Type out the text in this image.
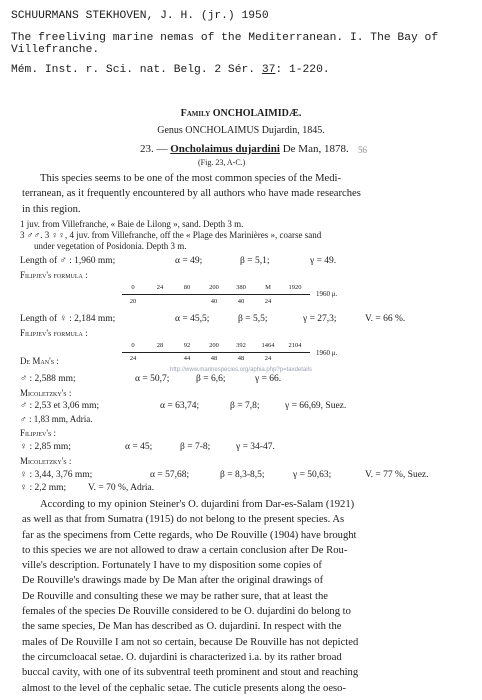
SCHUURMANS STEKHOVEN, J. H. (jr.) 1950
The freeliving marine nemas of the Mediterranean. I. The Bay of
Villefranche.
Mém. Inst. r. Sci. nat. Belg. 2 Sér. 37: 1-220.
Family ONCHOLAIMIDÆ.
Genus ONCHOLAIMUS Dujardin, 1845.
23. — Oncholaimus dujardini De Man, 1878. 56
(Fig. 23, A-C.)
This species seems to be one of the most common species of the Medi-
terranean, as it frequently encountered by all authors who have made researches
in this region.
1 juv. from Villefranche, « Baie de Lilong », sand. Depth 3 m.
3 ♂♂. 3 ♀♀, 4 juv. from Villefranche, off the « Plage des Marinières », coarse sand
under vegetation of Posidonia. Depth 3 m.
Length of ♂ : 1,960 mm;	α = 49;	β = 5,1;	γ = 49.
Filipjev's formula :
0	24	80	200	380	M	1920
20	40	40	24
1960 μ.
Length of ♀ : 2,184 mm;	α = 45,5;	β = 5,5;	γ = 27,3;	V. = 66 %.
Filipjev's formula :
0	28	92	200	392	1464	2104
24	44	48	48	24
1960 μ.
http://www.marinespecies.org/aphia.php?p=taxdetails
De Man's :
♂ : 2,588 mm;	α = 50,7;	β = 6,6;	γ = 66.
Micoletzky's :
♂ : 2,53 et 3,06 mm;	α = 63,74;	β = 7,8;	γ = 66,69, Suez.
♂ : 1,83 mm, Adria.
Filipjev's :
♀ : 2,85 mm;	α = 45;	β = 7-8;	γ = 34-47.
Micoletzky's :
♀ : 3,44, 3,76 mm;	α = 57,68;	β = 8,3-8,5;	γ = 50,63;	V. = 77 %, Suez.
♀ : 2,2 mm; V. = 70 %, Adria.
According to my opinion Steiner's O. dujardini from Dar-es-Salam (1921)
as well as that from Sumatra (1915) do not belong to the present species. As
far as the specimens from Cette regards, who De Rouville (1904) have brought
to this species we are not allowed to draw a certain conclusion after De Rou-
ville's description. Fortunately I have to my disposition some copies of
De Rouville's drawings made by De Man after the original drawings of
De Rouville and consulting these we may be rather sure, that at least the
females of the species De Rouville considered to be O. dujardini do belong to
the same species, De Man has described as O. dujardini. In respect with the
males of De Rouville I am not so certain, because De Rouville has not depicted
the circumcloacal setae. O. dujardini is characterized i.a. by its rather broad
buccal cavity, with one of its subventral teeth prominent and stout and reaching
almost to the level of the cephalic setae. The cuticle presents along the oeso-
